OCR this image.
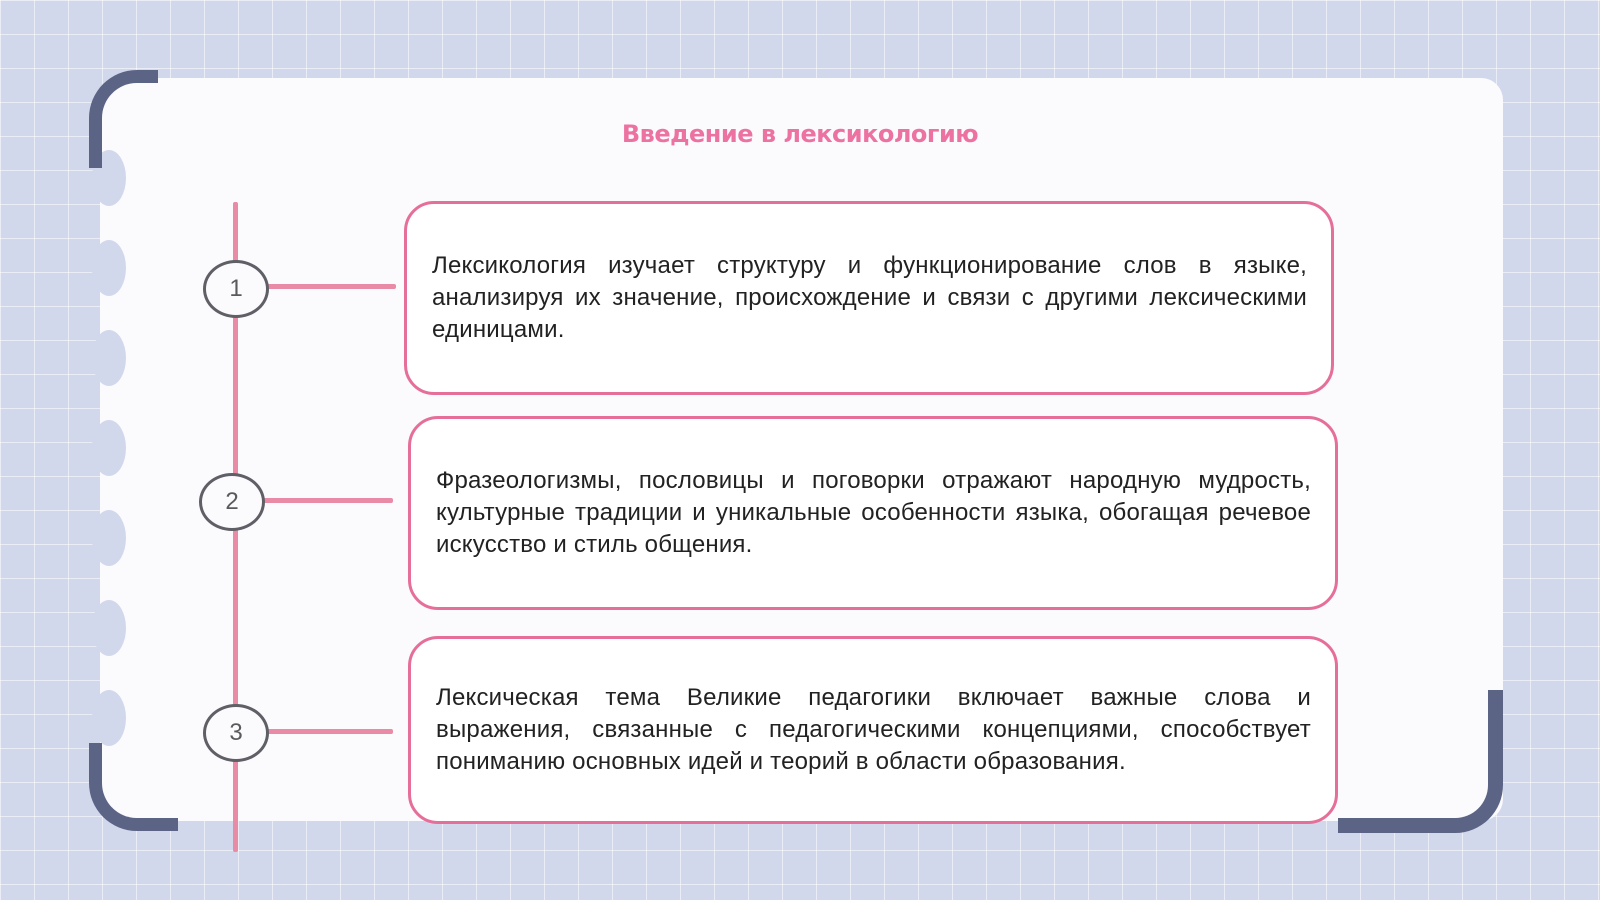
Введение в лексикологию
1
2
3

Лексикология изучает структуру и функционирование слов в языке, анализируя их значение, происхождение и связи с другими лексическими единицами.

Фразеологизмы, пословицы и поговорки отражают народную мудрость, культурные традиции и уникальные особенности языка, обогащая речевое искусство и стиль общения.

Лексическая тема Великие педагогики включает важные слова и выражения, связанные с педагогическими концепциями, способствует пониманию основных идей и теорий в области образования.
